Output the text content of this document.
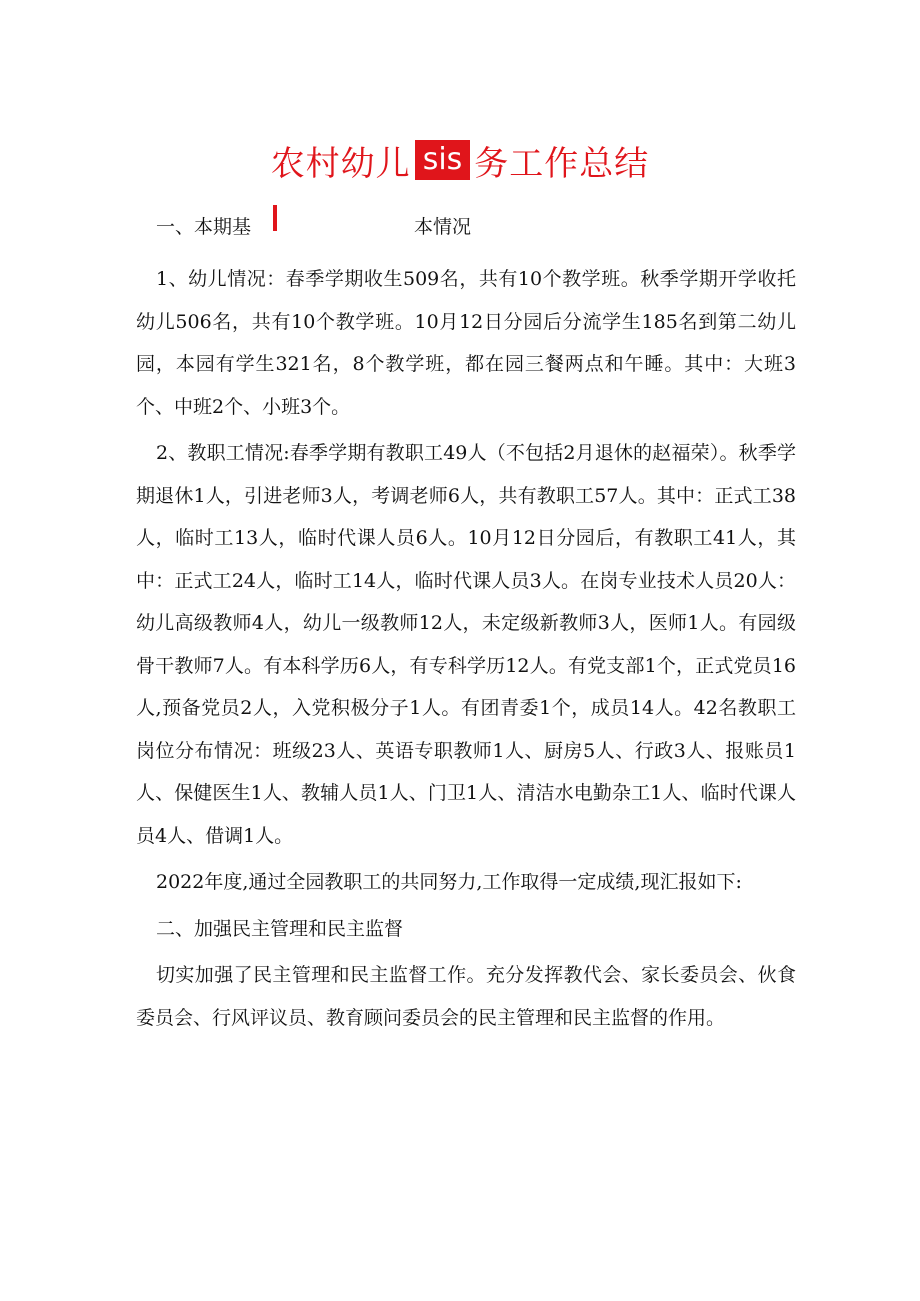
农村幼儿 sis 务工作总结
一、本期基	本情况

1、幼儿情况：春季学期收生509名，共有10个教学班。秋季学期开学收托幼儿506名，共有10个教学班。10月12日分园后分流学生185名到第二幼儿园，本园有学生321名，8个教学班，都在园三餐两点和午睡。其中：大班3个、中班2个、小班3个。

2、教职工情况:春季学期有教职工49人（不包括2月退休的赵福荣）。秋季学期退休1人，引进老师3人，考调老师6人，共有教职工57人。其中：正式工38人，临时工13人，临时代课人员6人。10月12日分园后，有教职工41人，其中：正式工24人，临时工14人，临时代课人员3人。在岗专业技术人员20人：幼儿高级教师4人，幼儿一级教师12人，未定级新教师3人，医师1人。有园级骨干教师7人。有本科学历6人，有专科学历12人。有党支部1个，正式党员16人,预备党员2人，入党积极分子1人。有团青委1个，成员14人。42名教职工岗位分布情况：班级23人、英语专职教师1人、厨房5人、行政3人、报账员1人、保健医生1人、教辅人员1人、门卫1人、清洁水电勤杂工1人、临时代课人员4人、借调1人。

2022年度,通过全园教职工的共同努力,工作取得一定成绩,现汇报如下:

二、加强民主管理和民主监督

切实加强了民主管理和民主监督工作。充分发挥教代会、家长委员会、伙食委员会、行风评议员、教育顾问委员会的民主管理和民主监督的作用。
